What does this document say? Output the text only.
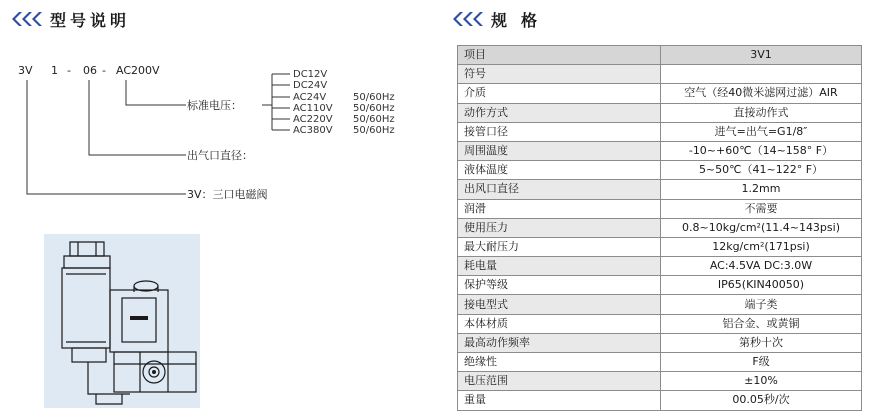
型号说明	规格
3V 1 - 06 - AC200V
标准电压：
出气口直径：
3V：三口电磁阀
DC12V
DC24V
AC24V
AC110V
AC220V
AC380V
50/60Hz
50/60Hz
50/60Hz
50/60Hz
项目	3V1
符号	
介质	空气（经40微米滤网过滤）AIR
动作方式	直接动作式
接管口径	进气=出气=G1/8″
周围温度	-10~+60℃（14~158° F）
液体温度	5~50℃（41~122° F）
出风口直径	1.2mm
润滑	不需要
使用压力	0.8~10kg/cm²(11.4~143psi)
最大耐压力	12kg/cm²(171psi)
耗电量	AC:4.5VA DC:3.0W
保护等级	IP65(KIN40050)
接电型式	端子类
本体材质	铝合金、或黄铜
最高动作频率	第秒十次
绝缘性	F级
电压范围	±10%
重量	00.05秒/次
